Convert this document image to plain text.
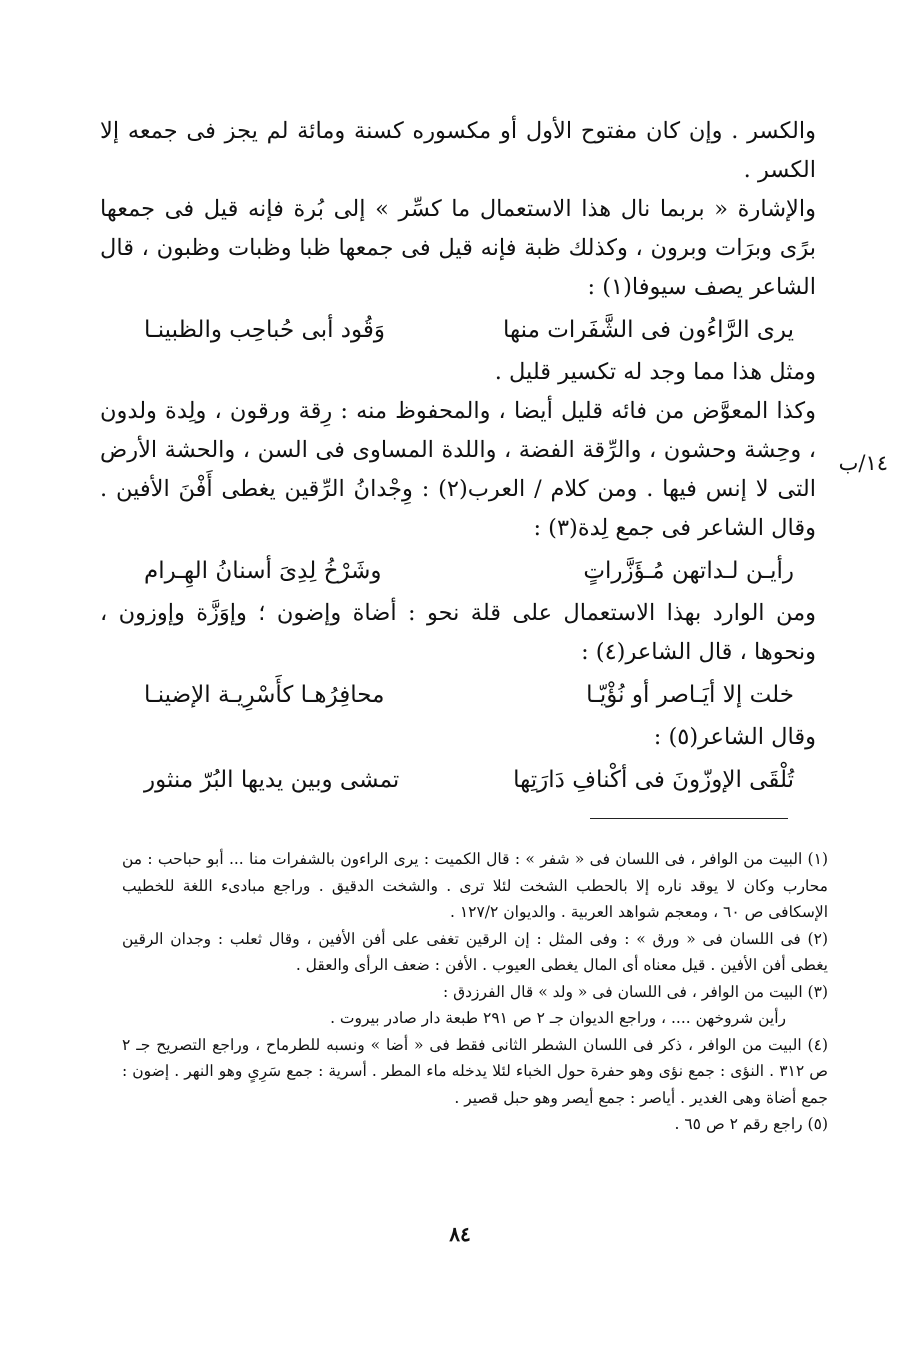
والكسر . وإن كان مفتوح الأول أو مكسوره كسنة ومائة لم يجز فى جمعه إلا الكسر .

والإشارة « بربما نال هذا الاستعمال ما كسِّر » إلى بُرة فإنه قيل فى جمعها برًى وبرَات وبرون ، وكذلك ظبة فإنه قيل فى جمعها ظبا وظبات وظبون ، قال الشاعر يصف سيوفا(١) :

يرى الرَّاءُون فى الشَّفَرات منها
وَقُود أبى حُباحِب والظبينـا

ومثل هذا مما وجد له تكسير قليل .

وكذا المعوَّض من فائه قليل أيضا ، والمحفوظ منه : رِقة ورقون ، ولِدة ولدون ، وحِشة وحشون ، والرِّقة الفضة ، واللدة المساوى فى السن ، والحشة الأرض التى لا إنس فيها . ومن كلام / العرب(٢) : وِجْدانُ الرِّقين يغطى أَفْنَ الأفين . وقال الشاعر فى جمع لِدة(٣) :

رأيـن لـداتهن مُـؤَزَّراتٍ
وشَرْخُ لِدِىَ أسنانُ الهِـرام

ومن الوارد بهذا الاستعمال على قلة نحو : أضاة وإضون ؛ وإوَزَّة وإوزون ، ونحوها ، قال الشاعر(٤) :

خلت إلا أيَـاصر أو نُؤْيّـا
محافِرُهـا كأَسْرِيـة الإضينـا

وقال الشاعر(٥) :

تُلْقَى الإوزّونَ فى أكْنافِ دَارَتِها
تمشى وبين يديها البُرّ منثور
١٤/ب

(١) البيت من الوافر ، فى اللسان فى « شفر » : قال الكميت : يرى الراءون بالشفرات منا ... أبو حباحب : من محارب وكان لا يوقد ناره إلا بالحطب الشخت لئلا ترى . والشخت الدقيق . وراجع مبادىء اللغة للخطيب الإسكافى ص ٦٠ ، ومعجم شواهد العربية . والديوان ١٢٧/٢ .

(٢) فى اللسان فى « ورق » : وفى المثل : إن الرقين تغفى على أفن الأفين ، وقال ثعلب : وجدان الرقين يغطى أفن الأفين . قيل معناه أى المال يغطى العيوب . الأفن : ضعف الرأى والعقل .

(٣) البيت من الوافر ، فى اللسان فى « ولد » قال الفرزدق :

رأين شروخهن .... ، وراجع الديوان جـ ٢ ص ٢٩١ طبعة دار صادر بيروت .

(٤) البيت من الوافر ، ذكر فى اللسان الشطر الثانى فقط فى « أضا » ونسبه للطرماح ، وراجع التصريح جـ ٢ ص ٣١٢ . النؤى : جمع نؤى وهو حفرة حول الخباء لئلا يدخله ماء المطر . أسرية : جمع سَرِىٍ وهو النهر . إضون : جمع أضاة وهى الغدير . أياصر : جمع أيصر وهو حبل قصير .

(٥) راجع رقم ٢ ص ٦٥ .

٨٤
